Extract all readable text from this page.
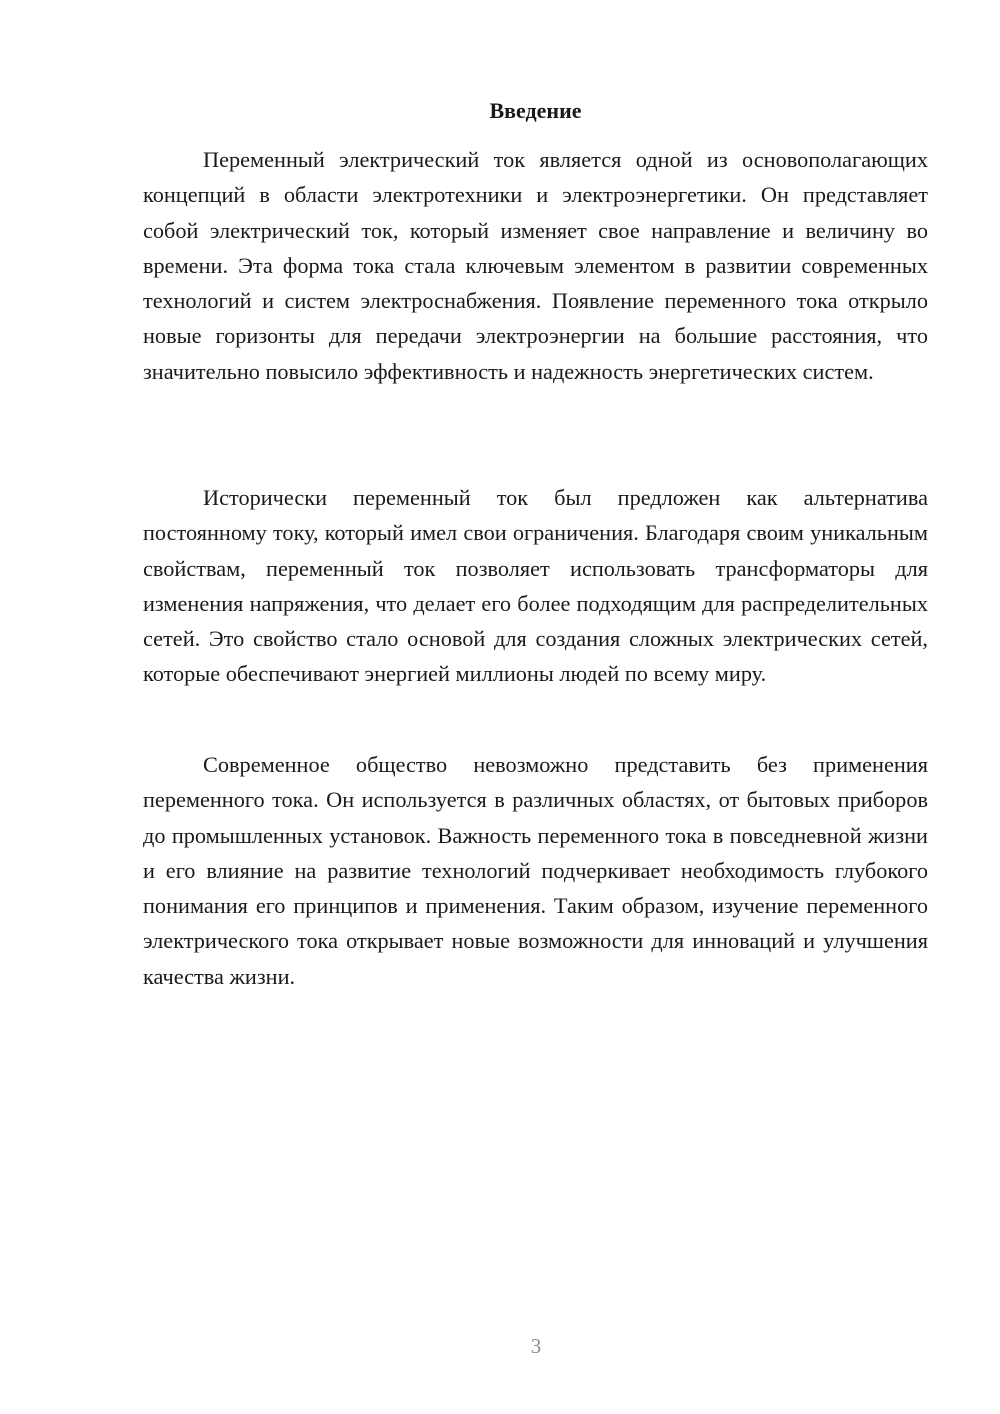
Введение

Переменный электрический ток является одной из основополагающих концепций в области электротехники и электроэнергетики. Он представляет собой электрический ток, который изменяет свое направление и величину во времени. Эта форма тока стала ключевым элементом в развитии современных технологий и систем электроснабжения. Появление переменного тока открыло новые горизонты для передачи электроэнергии на большие расстояния, что значительно повысило эффективность и надежность энергетических систем.

Исторически переменный ток был предложен как альтернатива постоянному току, который имел свои ограничения. Благодаря своим уникальным свойствам, переменный ток позволяет использовать трансформаторы для изменения напряжения, что делает его более подходящим для распределительных сетей. Это свойство стало основой для создания сложных электрических сетей, которые обеспечивают энергией миллионы людей по всему миру.

Современное общество невозможно представить без применения переменного тока. Он используется в различных областях, от бытовых приборов до промышленных установок. Важность переменного тока в повседневной жизни и его влияние на развитие технологий подчеркивает необходимость глубокого понимания его принципов и применения. Таким образом, изучение переменного электрического тока открывает новые возможности для инноваций и улучшения качества жизни.

3
